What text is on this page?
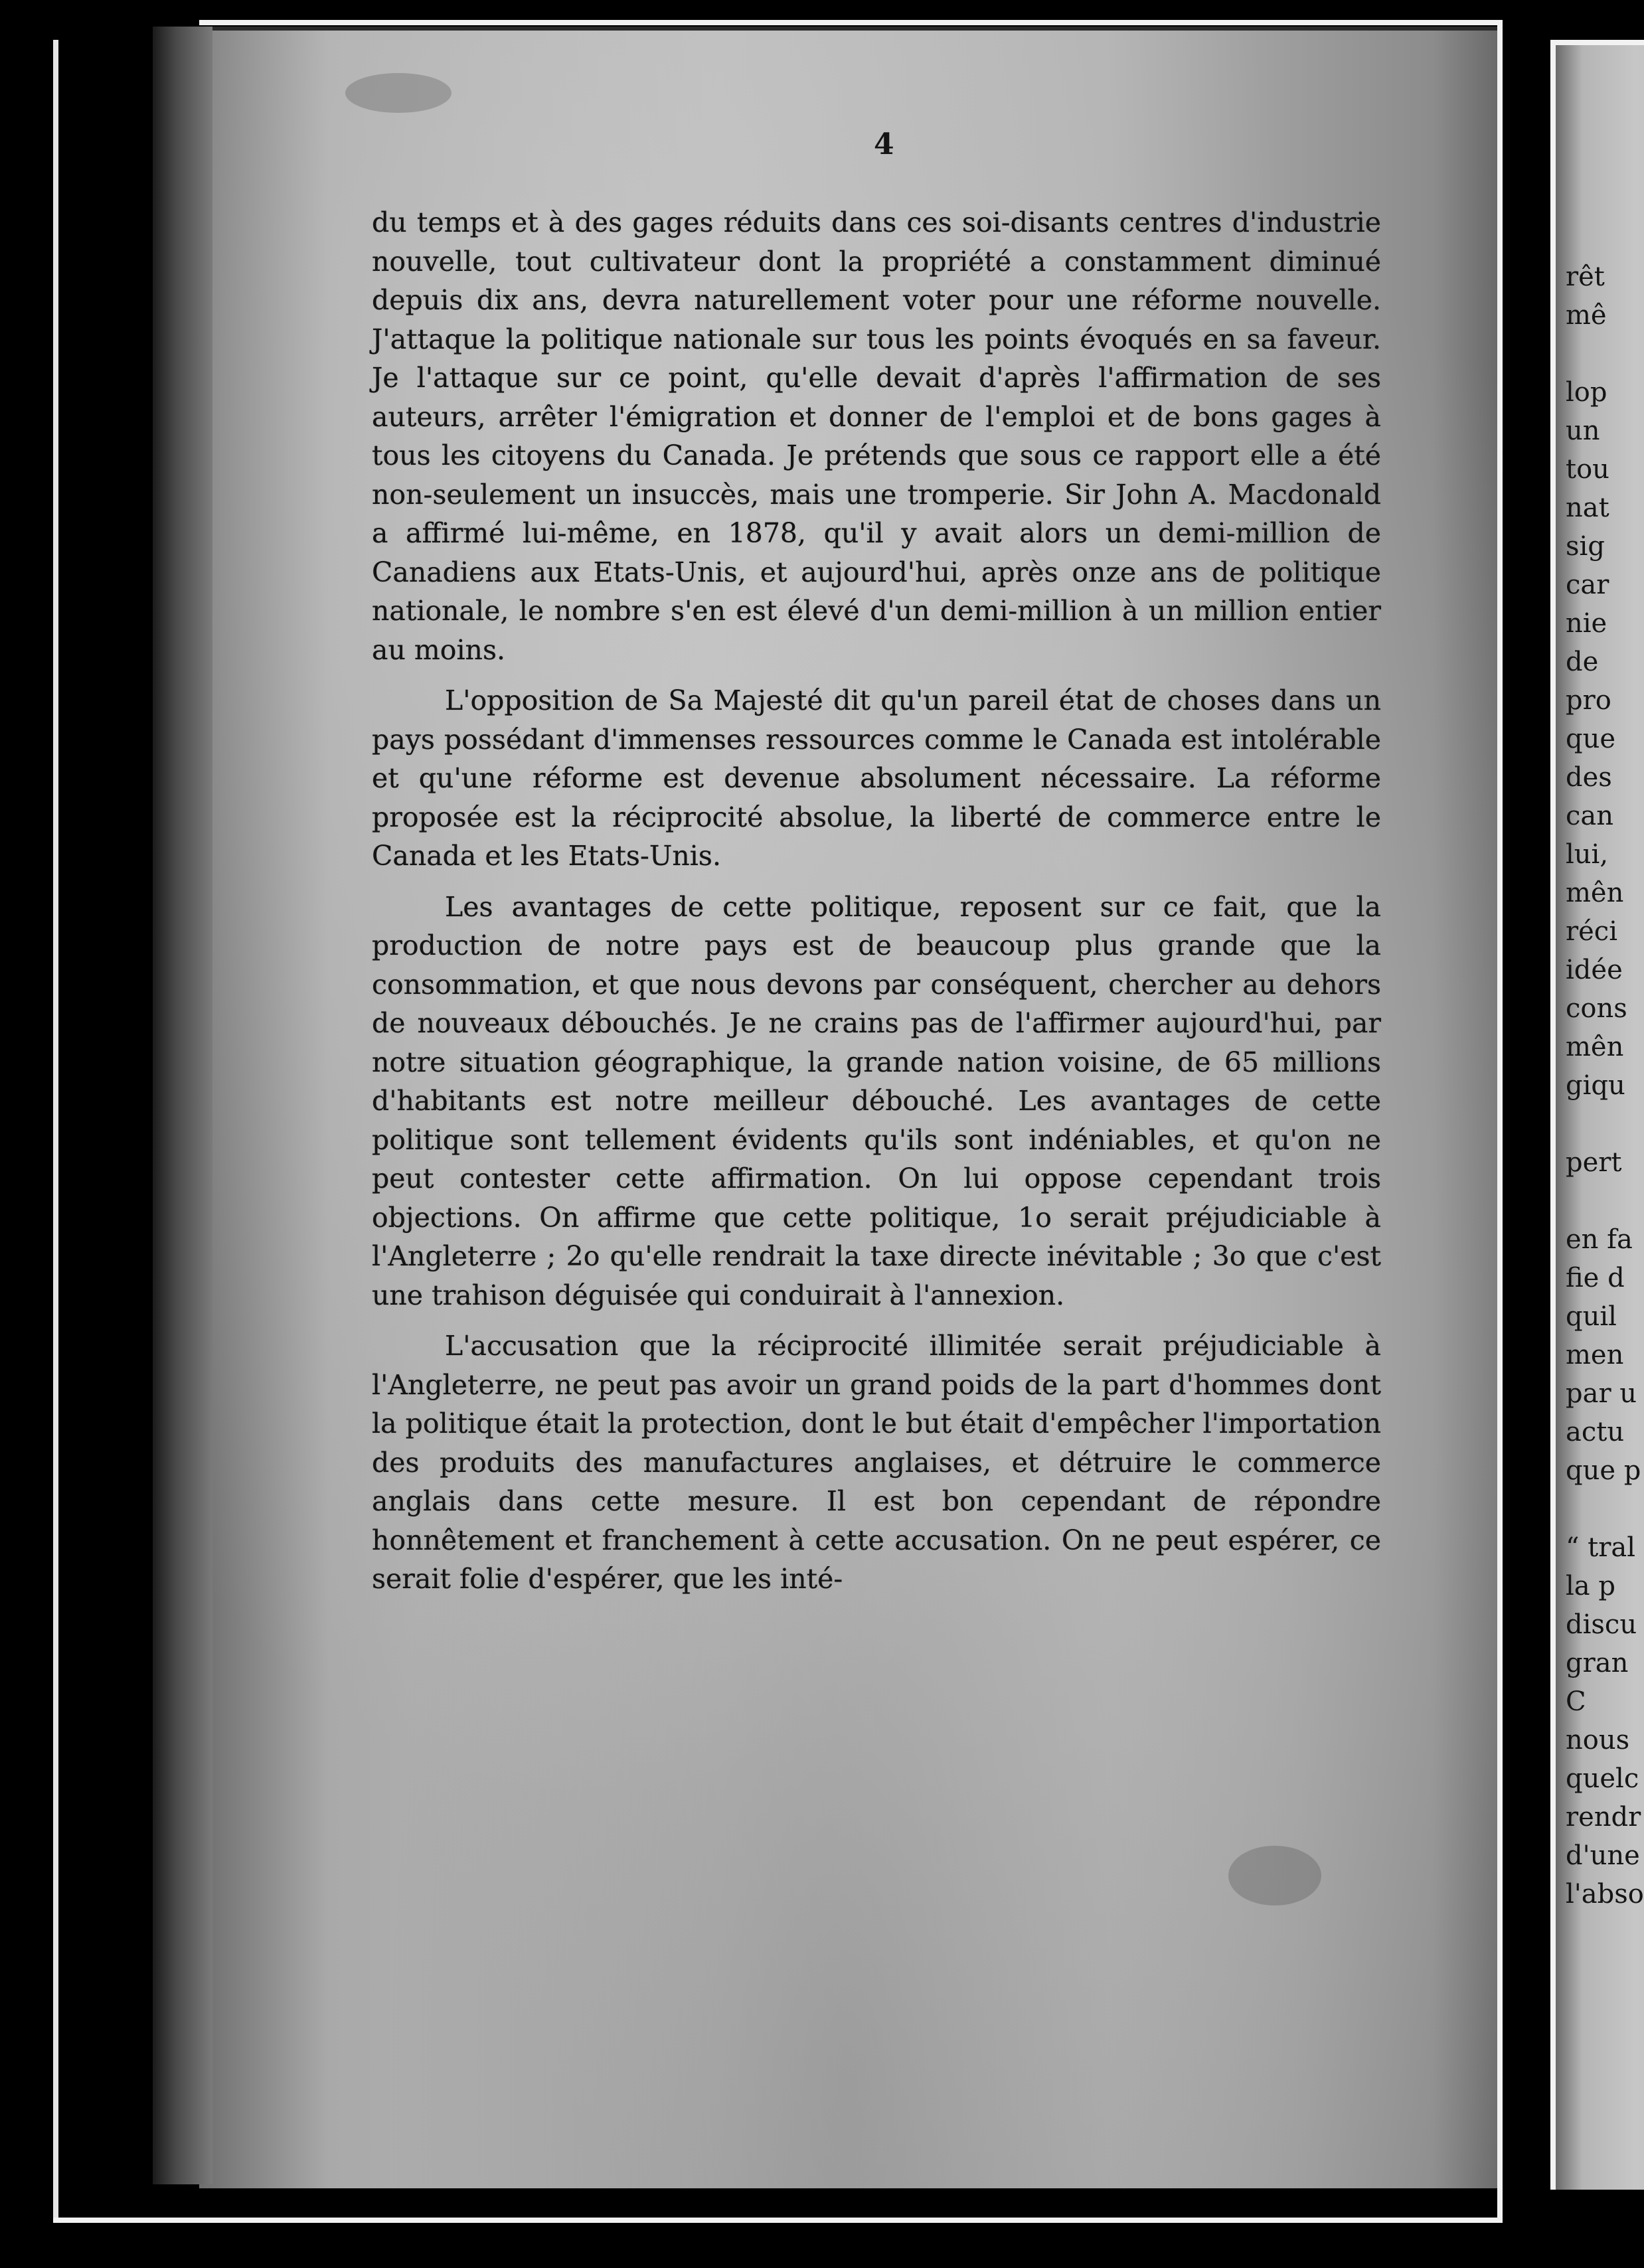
4

du temps et à des gages réduits dans ces soi-disants centres d'industrie nouvelle, tout cultivateur dont la propriété a constamment diminué depuis dix ans, devra naturellement voter pour une réforme nouvelle. J'attaque la politique nationale sur tous les points évoqués en sa faveur. Je l'attaque sur ce point, qu'elle devait d'après l'affirmation de ses auteurs, arrêter l'émigration et donner de l'emploi et de bons gages à tous les citoyens du Canada. Je prétends que sous ce rapport elle a été non-seulement un insuccès, mais une tromperie. Sir John A. Macdonald a affirmé lui-même, en 1878, qu'il y avait alors un demi-million de Canadiens aux Etats-Unis, et aujourd'hui, après onze ans de politique nationale, le nombre s'en est élevé d'un demi-million à un million entier au moins.

L'opposition de Sa Majesté dit qu'un pareil état de choses dans un pays possédant d'immenses ressources comme le Canada est intolérable et qu'une réforme est devenue absolument nécessaire. La réforme proposée est la réciprocité absolue, la liberté de commerce entre le Canada et les Etats-Unis.

Les avantages de cette politique, reposent sur ce fait, que la production de notre pays est de beaucoup plus grande que la consommation, et que nous devons par conséquent, chercher au dehors de nouveaux débouchés. Je ne crains pas de l'affirmer aujourd'hui, par notre situation géographique, la grande nation voisine, de 65 millions d'habitants est notre meilleur débouché. Les avantages de cette politique sont tellement évidents qu'ils sont indéniables, et qu'on ne peut contester cette affirmation. On lui oppose cependant trois objections. On affirme que cette politique, 1o serait préjudiciable à l'Angleterre ; 2o qu'elle rendrait la taxe directe inévitable ; 3o que c'est une trahison déguisée qui conduirait à l'annexion.

L'accusation que la réciprocité illimitée serait préjudiciable à l'Angleterre, ne peut pas avoir un grand poids de la part d'hommes dont la politique était la protection, dont le but était d'empêcher l'importation des produits des manufactures anglaises, et détruire le commerce anglais dans cette mesure. Il est bon cependant de répondre honnêtement et franchement à cette accusation. On ne peut espérer, ce serait folie d'espérer, que les inté-

rêt
mê

lop
un
tou
nat
sig
car
nie
de
pro
que
des
can
lui,
mên
réci
idée
cons
mên
giqu

pert

en fa
fie d
quil
men
par u
actu
que p

“ tral
la p
discu
gran
C
nous
quelc
rendr
d'une
l'abso
